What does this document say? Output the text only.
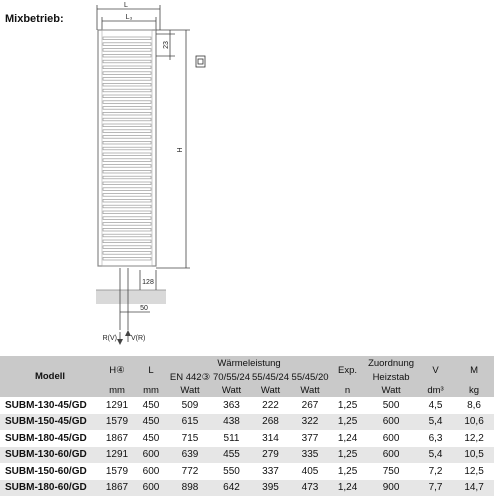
Mixbetrieb:
L
L₃
23
H
128
50
R(V) V(R)
Modell	H④	L	Wärmeleistung				Exp.	Zuordnung	V	M
			EN 442③	70/55/24	55/45/24	55/45/20		Heizstab		
	mm	mm	Watt	Watt	Watt	Watt	n	Watt	dm³	kg
SUBM-130-45/GD	1291	450	509	363	222	267	1,25	500	4,5	8,6
SUBM-150-45/GD	1579	450	615	438	268	322	1,25	600	5,4	10,6
SUBM-180-45/GD	1867	450	715	511	314	377	1,24	600	6,3	12,2
SUBM-130-60/GD	1291	600	639	455	279	335	1,25	600	5,4	10,5
SUBM-150-60/GD	1579	600	772	550	337	405	1,25	750	7,2	12,5
SUBM-180-60/GD	1867	600	898	642	395	473	1,24	900	7,7	14,7
